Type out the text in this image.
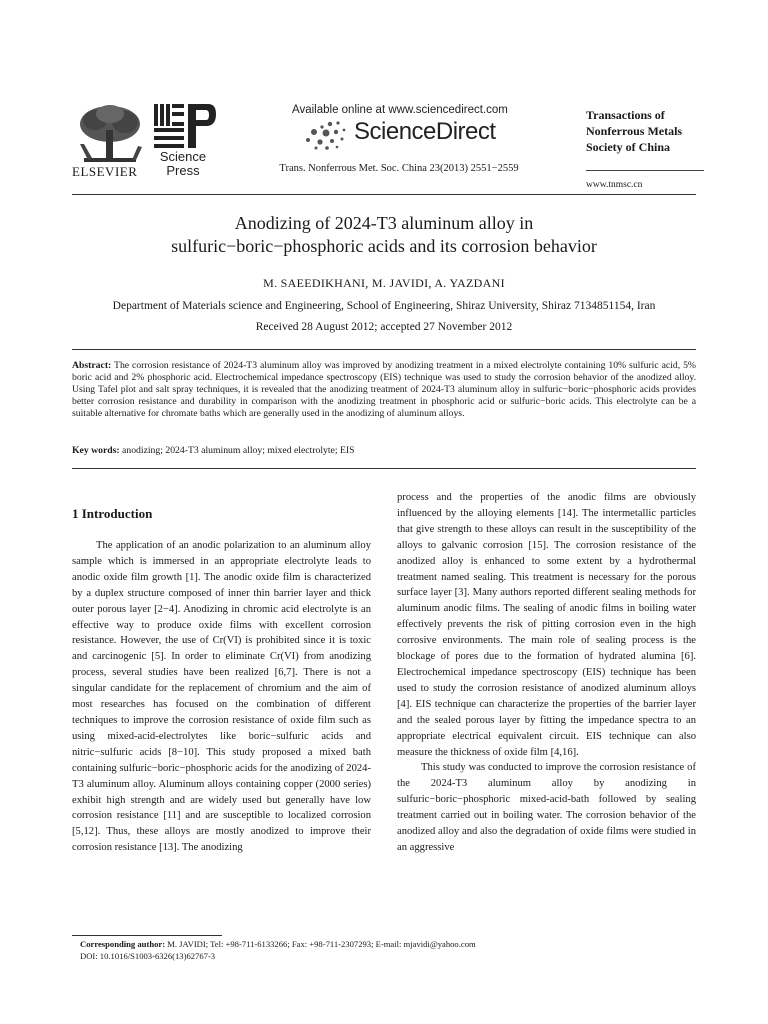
ELSEVIER
Science
Press
Available online at www.sciencedirect.com
ScienceDirect
Trans. Nonferrous Met. Soc. China 23(2013) 2551−2559
Transactions of
Nonferrous Metals
Society of China
www.tnmsc.cn
Anodizing of 2024-T3 aluminum alloy in
sulfuric−boric−phosphoric acids and its corrosion behavior
M. SAEEDIKHANI, M. JAVIDI, A. YAZDANI
Department of Materials science and Engineering, School of Engineering, Shiraz University, Shiraz 7134851154, Iran
Received 28 August 2012; accepted 27 November 2012
Abstract: The corrosion resistance of 2024-T3 aluminum alloy was improved by anodizing treatment in a mixed electrolyte containing 10% sulfuric acid, 5% boric acid and 2% phosphoric acid. Electrochemical impedance spectroscopy (EIS) technique was used to study the corrosion behavior of the anodized alloy. Using Tafel plot and salt spray techniques, it is revealed that the anodizing treatment of 2024-T3 aluminum alloy in sulfuric−boric−phosphoric acids provides better corrosion resistance and durability in comparison with the anodizing treatment in phosphoric acid or sulfuric−boric acids. This electrolyte can be a suitable alternative for chromate baths which are generally used in the anodizing of aluminum alloys.
Key words: anodizing; 2024-T3 aluminum alloy; mixed electrolyte; EIS
1 Introduction

The application of an anodic polarization to an aluminum alloy sample which is immersed in an appropriate electrolyte leads to anodic oxide film growth [1]. The anodic oxide film is characterized by a duplex structure composed of inner thin barrier layer and thick outer porous layer [2−4]. Anodizing in chromic acid electrolyte is an effective way to produce oxide films with excellent corrosion resistance. However, the use of Cr(VI) is prohibited since it is toxic and carcinogenic [5]. In order to eliminate Cr(VI) from anodizing process, several studies have been realized [6,7]. There is not a singular candidate for the replacement of chromium and the aim of most researches has focused on the combination of different techniques to improve the corrosion resistance of oxide film such as using mixed-acid-electrolytes like boric−sulfuric acids and nitric−sulfuric acids [8−10]. This study proposed a mixed bath containing sulfuric−boric−phosphoric acids for the anodizing of 2024-T3 aluminum alloy. Aluminum alloys containing copper (2000 series) exhibit high strength and are widely used but generally have low corrosion resistance [11] and are susceptible to localized corrosion [5,12]. Thus, these alloys are mostly anodized to improve their corrosion resistance [13]. The anodizing

process and the properties of the anodic films are obviously influenced by the alloying elements [14]. The intermetallic particles that give strength to these alloys can result in the susceptibility of the alloys to galvanic corrosion [15]. The corrosion resistance of the anodized alloy is enhanced to some extent by a hydrothermal treatment named sealing. This treatment is necessary for the porous surface layer [3]. Many authors reported different sealing methods for aluminum anodic films. The sealing of anodic films in boiling water effectively prevents the risk of pitting corrosion even in the high corrosive environments. The main role of sealing process is the blockage of pores due to the formation of hydrated alumina [6]. Electrochemical impedance spectroscopy (EIS) technique has been used to study the corrosion resistance of anodized aluminum alloys [4]. EIS technique can characterize the properties of the barrier layer and the sealed porous layer by fitting the impedance spectra to an appropriate electrical equivalent circuit. EIS technique can also measure the thickness of oxide film [4,16].

This study was conducted to improve the corrosion resistance of the 2024-T3 aluminum alloy by anodizing in sulfuric−boric−phosphoric mixed-acid-bath followed by sealing treatment carried out in boiling water. The corrosion behavior of the anodized alloy and also the degradation of oxide films were studied in an aggressive

Corresponding author: M. JAVIDI; Tel: +98-711-6133266; Fax: +98-711-2307293; E-mail: mjavidi@yahoo.com
DOI: 10.1016/S1003-6326(13)62767-3
